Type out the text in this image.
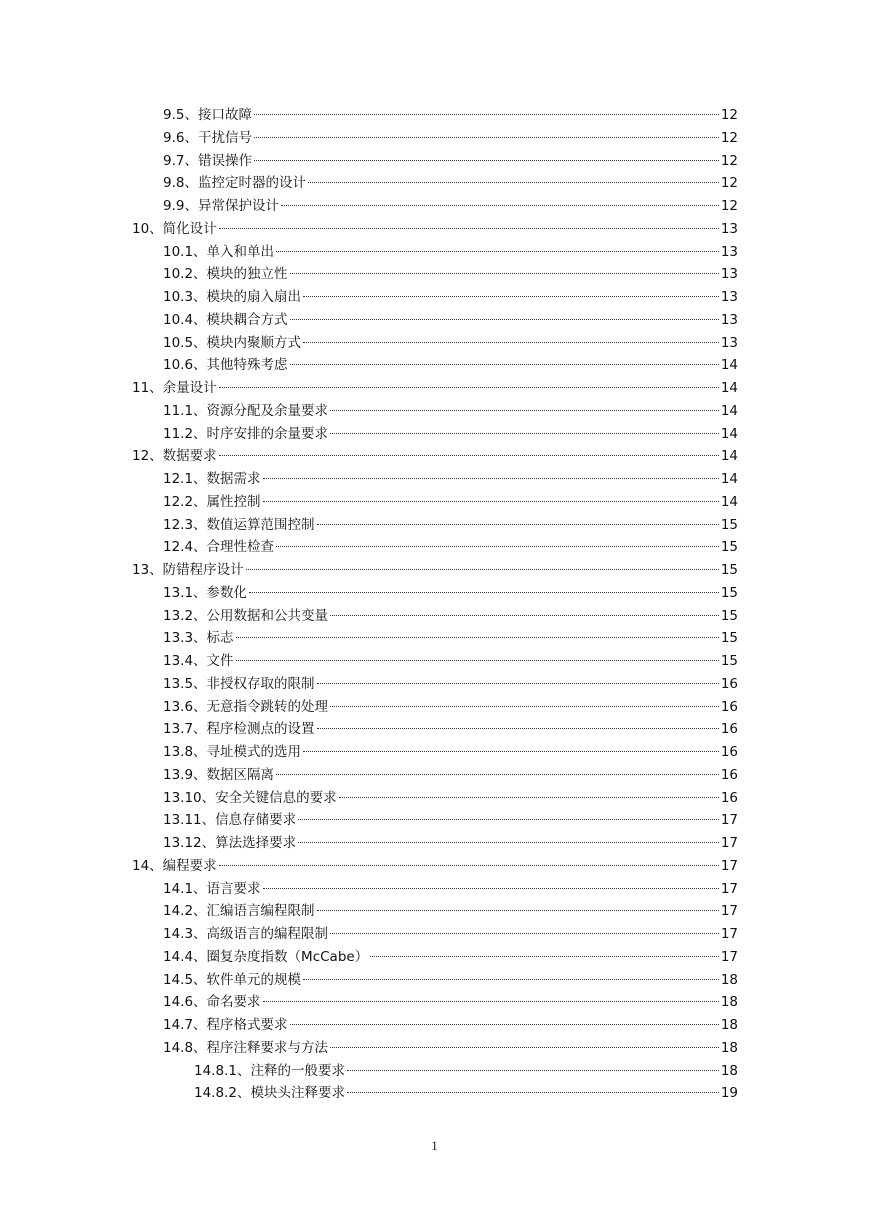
9.5、接口故障	12
9.6、干扰信号	12
9.7、错误操作	12
9.8、监控定时器的设计	12
9.9、异常保护设计	12
10、简化设计	13
10.1、单入和单出	13
10.2、模块的独立性	13
10.3、模块的扇入扇出	13
10.4、模块耦合方式	13
10.5、模块内聚顺方式	13
10.6、其他特殊考虑	14
11、余量设计	14
11.1、资源分配及余量要求	14
11.2、时序安排的余量要求	14
12、数据要求	14
12.1、数据需求	14
12.2、属性控制	14
12.3、数值运算范围控制	15
12.4、合理性检查	15
13、防错程序设计	15
13.1、参数化	15
13.2、公用数据和公共变量	15
13.3、标志	15
13.4、文件	15
13.5、非授权存取的限制	16
13.6、无意指令跳转的处理	16
13.7、程序检测点的设置	16
13.8、寻址模式的选用	16
13.9、数据区隔离	16
13.10、安全关键信息的要求	16
13.11、信息存储要求	17
13.12、算法选择要求	17
14、编程要求	17
14.1、语言要求	17
14.2、汇编语言编程限制	17
14.3、高级语言的编程限制	17
14.4、圈复杂度指数（McCabe）	17
14.5、软件单元的规模	18
14.6、命名要求	18
14.7、程序格式要求	18
14.8、程序注释要求与方法	18
14.8.1、注释的一般要求	18
14.8.2、模块头注释要求	19
1
